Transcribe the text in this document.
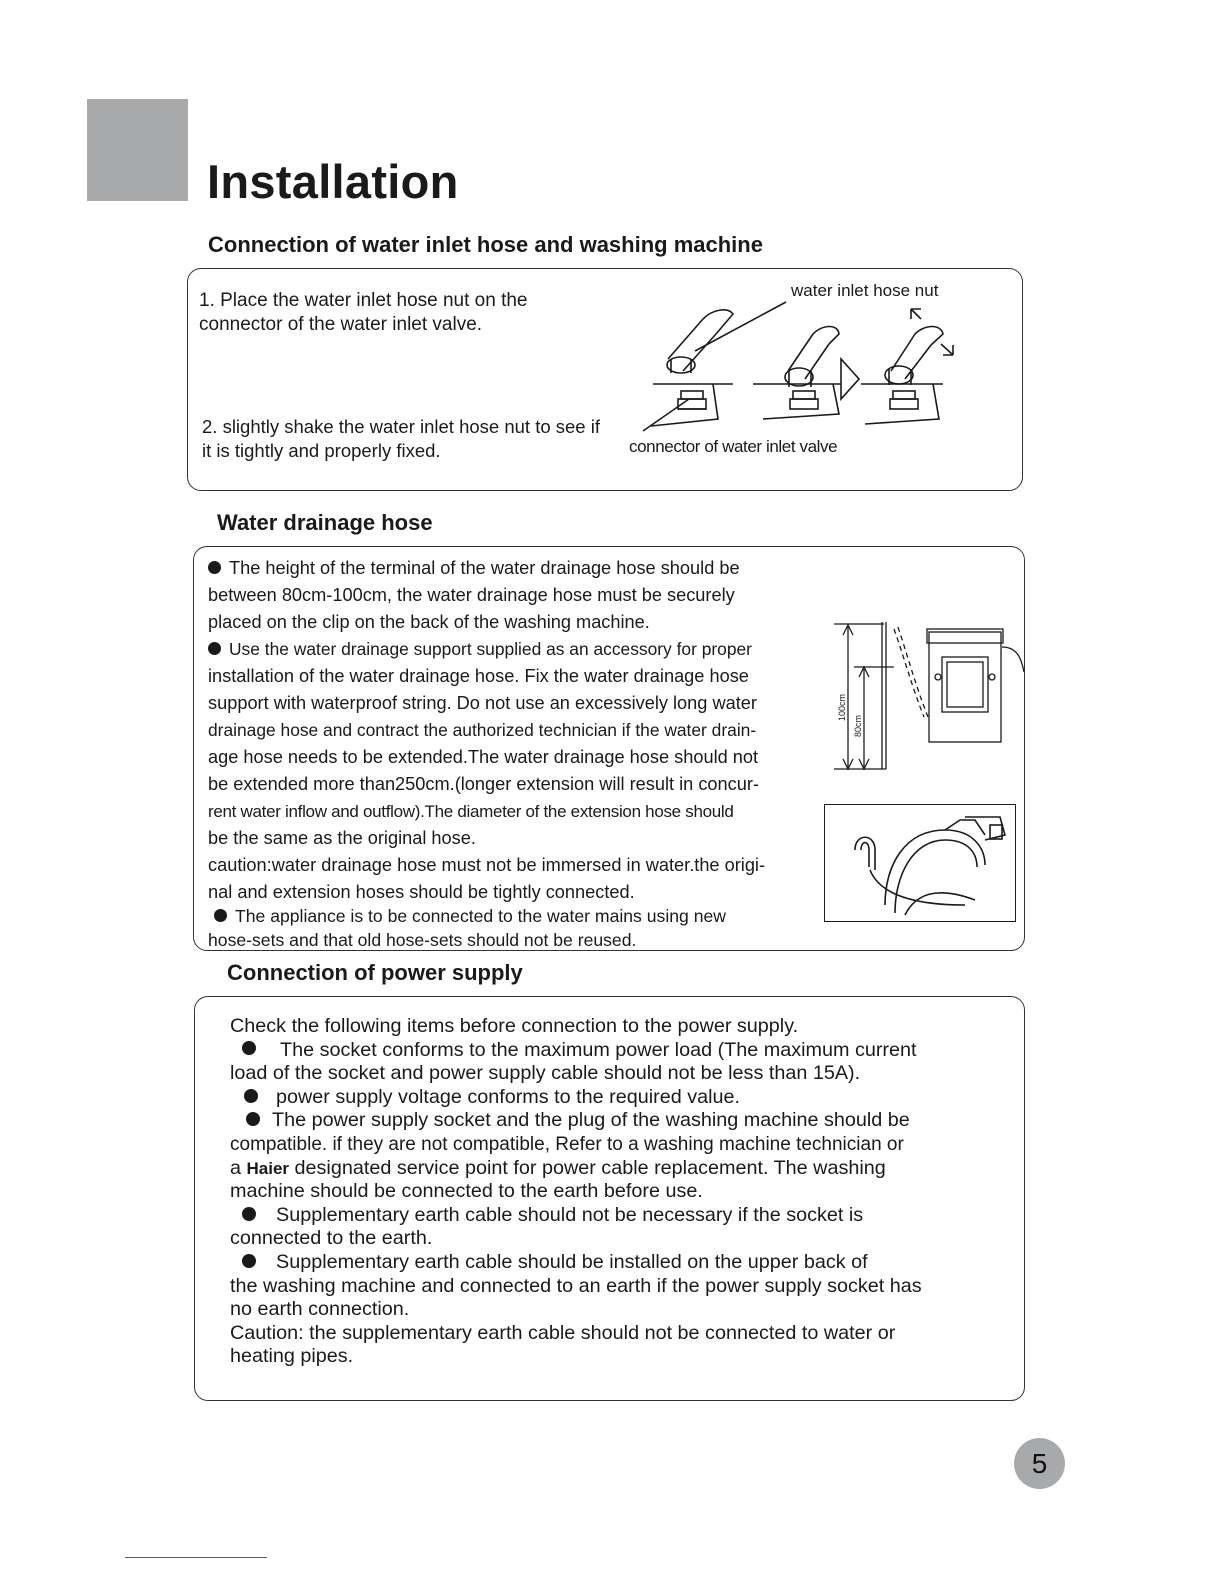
Installation
Connection of water inlet hose and washing machine
1. Place the water inlet hose nut on the
connector of the water inlet valve.
2. slightly shake the water inlet hose nut to see if
it is tightly and properly fixed.
water inlet hose nut
connector of water inlet valve
Water drainage hose
The height of the terminal of the water drainage hose should be
between 80cm-100cm, the water drainage hose must be securely
placed on the clip on the back of the washing machine.
Use the water drainage support supplied as an accessory for proper
installation of the water drainage hose. Fix the water drainage hose
support with waterproof string. Do not use an excessively long water
drainage hose and contract the authorized technician if the water drain-
age hose needs to be extended.The water drainage hose should not
be extended more than250cm.(longer extension will result in concur-
rent water inflow and outflow).The diameter of the extension hose should
be the same as the original hose.
caution:water drainage hose must not be immersed in water.the origi-
nal and extension hoses should be tightly connected.
The appliance is to be connected to the water mains using new
hose-sets and that old hose-sets should not be reused.
100cm
80cm
Connection of power supply
Check the following items before connection to the power supply.
The socket conforms to the maximum power load (The maximum current
load of the socket and power supply cable should not be less than 15A).
power supply voltage conforms to the required value.
The power supply socket and the plug of the washing machine should be
compatible. if they are not compatible, Refer to a washing machine technician or
a Haier designated service point for power cable replacement. The washing
machine should be connected to the earth before use.
Supplementary earth cable should not be necessary if the socket is
connected to the earth.
Supplementary earth cable should be installed on the upper back of
the washing machine and connected to an earth if the power supply socket has
no earth connection.
Caution: the supplementary earth cable should not be connected to water or
heating pipes.
5
